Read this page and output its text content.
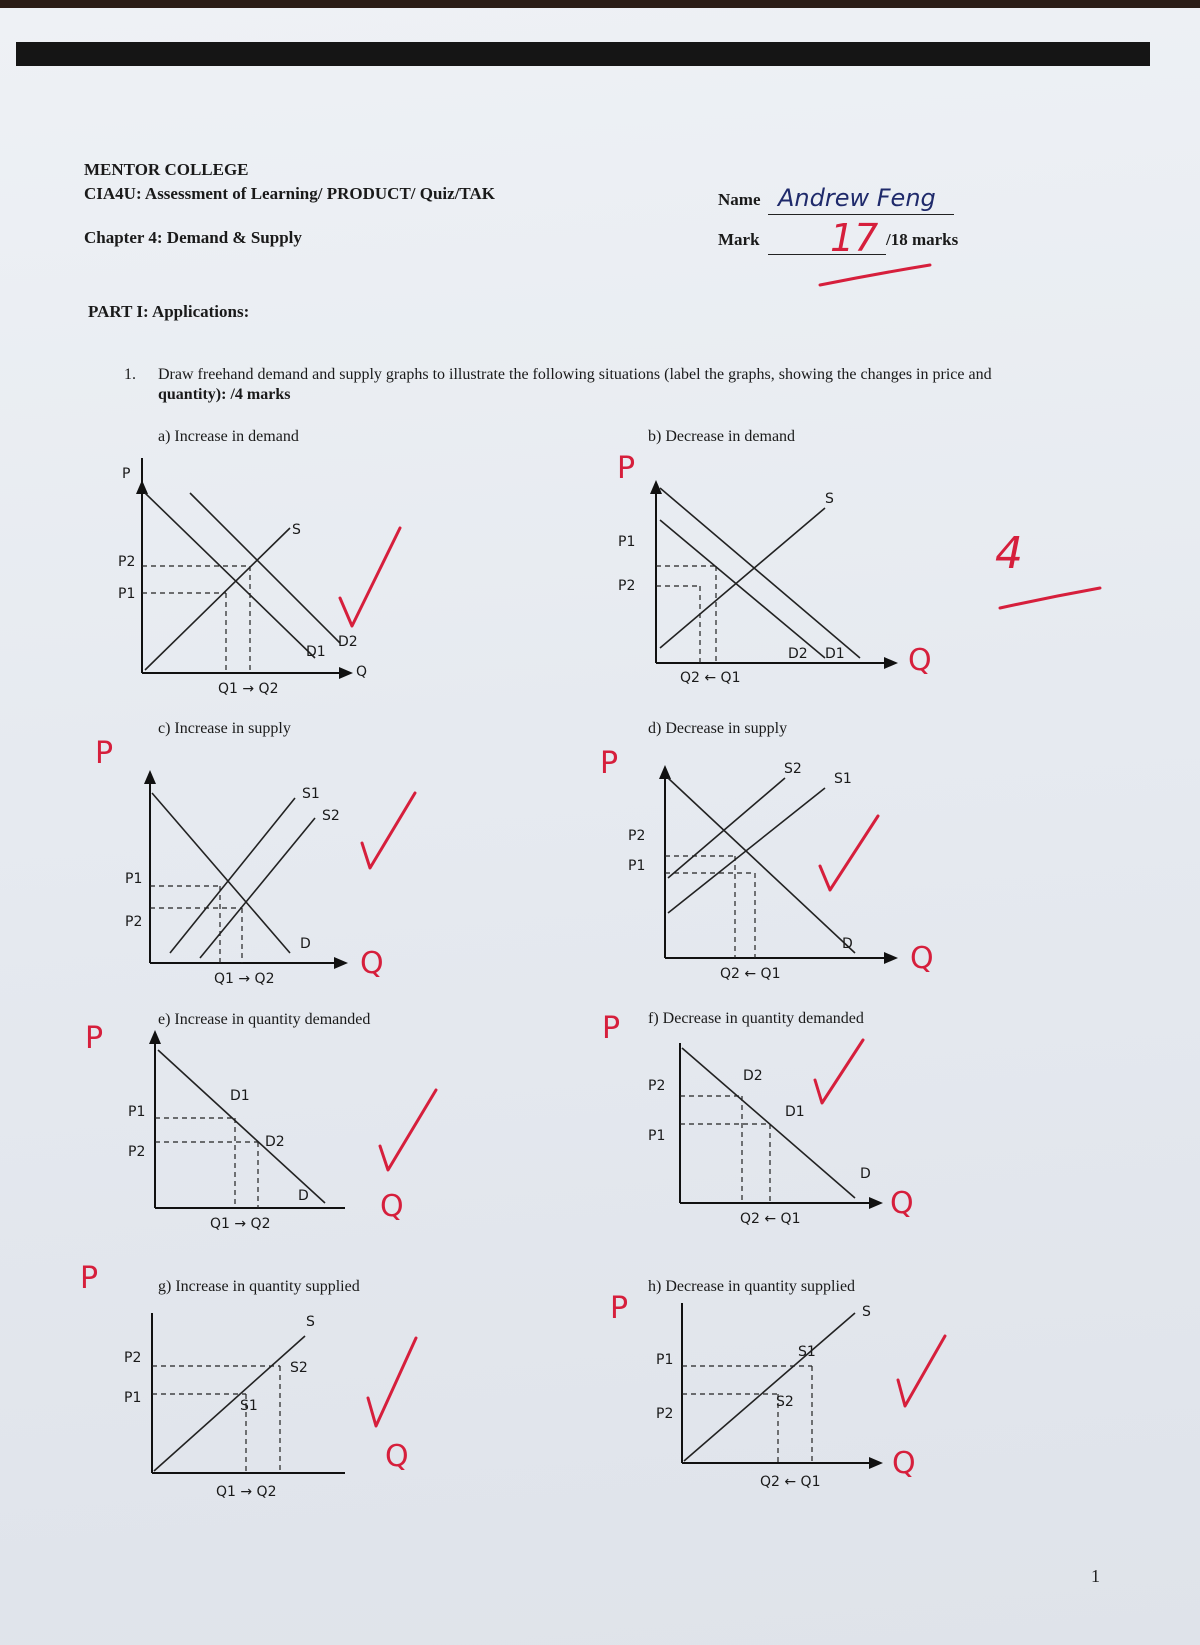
MENTOR COLLEGE
CIA4U: Assessment of Learning/ PRODUCT/ Quiz/TAK
Chapter 4: Demand & Supply
Name Andrew Feng
Mark 17 /18 marks
PART I: Applications:
1. Draw freehand demand and supply graphs to illustrate the following situations (label the graphs, showing the changes in price and
quantity): /4 marks
4
a) Increase in demand
P
P2
P1
S
D1
D2
Q
Q1 → Q2
b) Decrease in demand
P
P1
P2
S
D2 D1 Q
Q2 ← Q1
c) Increase in supply
P
P1
P2
S1
S2
D
Q
Q1 → Q2
d) Decrease in supply
P
P2
P1
S2
S1
D Q
Q2 ← Q1
e) Increase in quantity demanded
P
P1
P2
D1
D2
D Q
Q1 → Q2
f) Decrease in quantity demanded
P
P2
P1
D2
D1
D
Q
Q2 ← Q1
g) Increase in quantity supplied
P
P2
P1
S
S2
S1
Q
Q1 → Q2
h) Decrease in quantity supplied
P
P1
P2
S
S1
S2
Q
Q2 ← Q1
1
